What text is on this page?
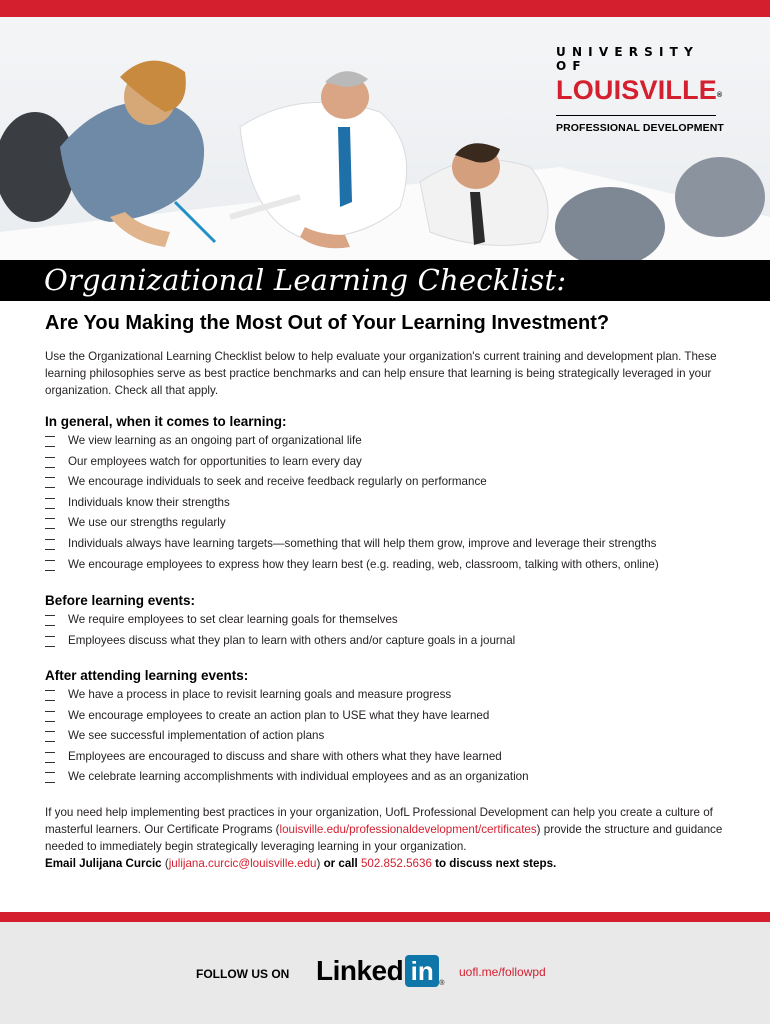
UNIVERSITY OF
LOUISVILLE®
PROFESSIONAL DEVELOPMENT
Organizational Learning Checklist:
Are You Making the Most Out of Your Learning Investment?
Use the Organizational Learning Checklist below to help evaluate your organization's current training and development plan. These learning philosophies serve as best practice benchmarks and can help ensure that learning is being strategically leveraged in your organization. Check all that apply.
In general, when it comes to learning:
We view learning as an ongoing part of organizational life
Our employees watch for opportunities to learn every day
We encourage individuals to seek and receive feedback regularly on performance
Individuals know their strengths
We use our strengths regularly
Individuals always have learning targets—something that will help them grow, improve and leverage their strengths
We encourage employees to express how they learn best (e.g. reading, web, classroom, talking with others, online)
Before learning events:
We require employees to set clear learning goals for themselves
Employees discuss what they plan to learn with others and/or capture goals in a journal
After attending learning events:
We have a process in place to revisit learning goals and measure progress
We encourage employees to create an action plan to USE what they have learned
We see successful implementation of action plans
Employees are encouraged to discuss and share with others what they have learned
We celebrate learning accomplishments with individual employees and as an organization
If you need help implementing best practices in your organization, UofL Professional Development can help you create a culture of masterful learners. Our Certificate Programs (louisville.edu/professionaldevelopment/certificates) provide the structure and guidance needed to immediately begin strategically leveraging learning in your organization.
Email Julijana Curcic (julijana.curcic@louisville.edu) or call 502.852.5636 to discuss next steps.
FOLLOW US ON Linked in ®
uofl.me/followpd
